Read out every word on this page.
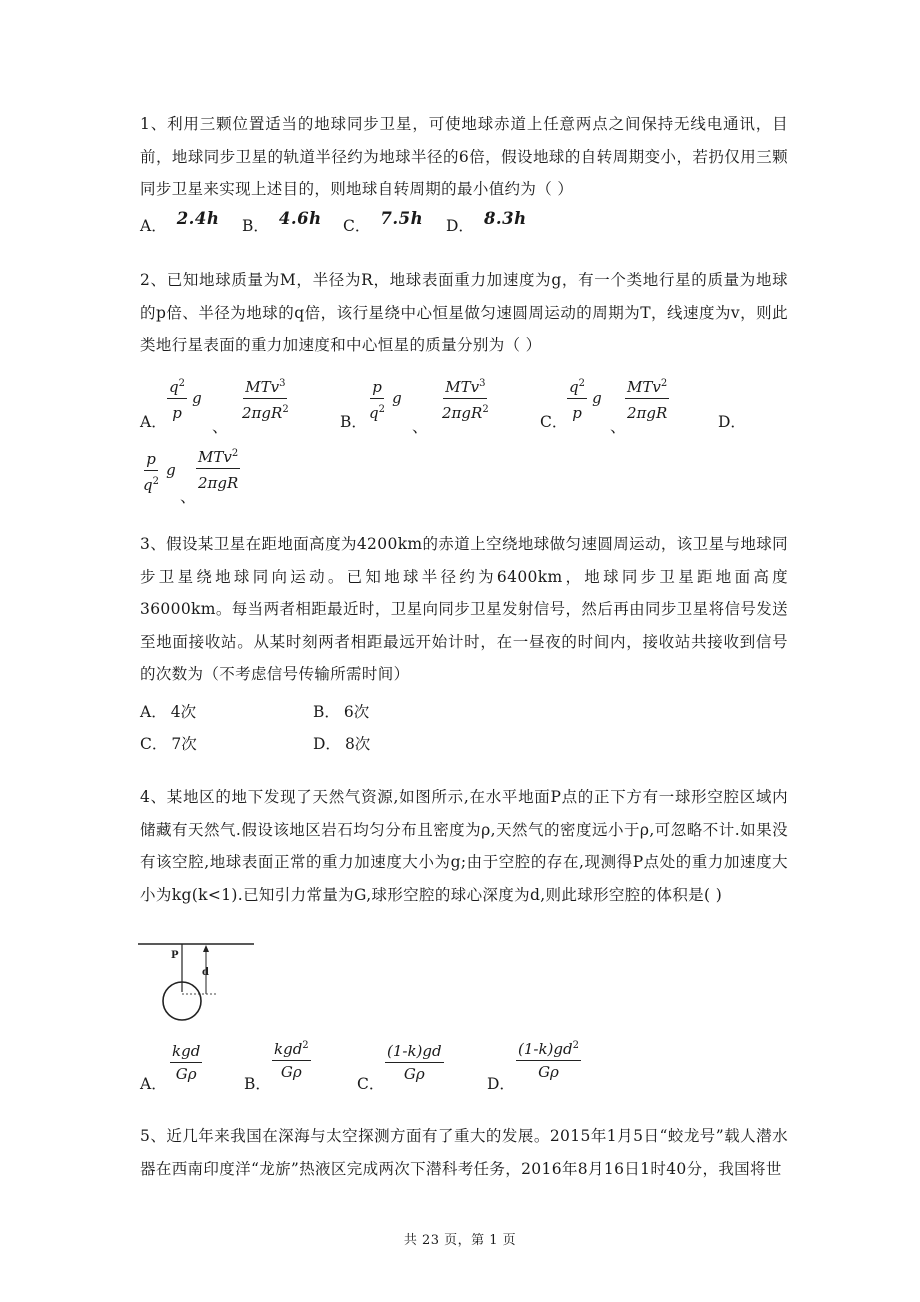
1、利用三颗位置适当的地球同步卫星，可使地球赤道上任意两点之间保持无线电通讯，目前，地球同步卫星的轨道半径约为地球半径的6倍，假设地球的自转周期变小，若扔仅用三颗同步卫星来实现上述目的，则地球自转周期的最小值约为（ ）

A． 2.4h B． 4.6h C． 7.5h D． 8.3h

2、已知地球质量为M，半径为R，地球表面重力加速度为g，有一个类地行星的质量为地球的p倍、半径为地球的q倍，该行星绕中心恒星做匀速圆周运动的周期为T，线速度为v，则此类地行星表面的重力加速度和中心恒星的质量分别为（ ）

A． $\frac{q^2}{p}$ g
、
$\frac{MTv^3}{2\pi gR^2}$	B． $\frac{p}{q^2}$ g
、
$\frac{MTv^3}{2\pi gR^2}$	C． $\frac{q^2}{p}$ g
、
$\frac{MTv^2}{\text{2πgR}}$	D．
$\frac{p}{q^2}$ g
、
$\frac{MTv^2}{\text{2πgR}}$

3、假设某卫星在距地面高度为4200km的赤道上空绕地球做匀速圆周运动，该卫星与地球同步卫星绕地球同向运动。已知地球半径约为6400km，地球同步卫星距地面高度36000km。每当两者相距最近时，卫星向同步卫星发射信号，然后再由同步卫星将信号发送至地面接收站。从某时刻两者相距最远开始计时，在一昼夜的时间内，接收站共接收到信号的次数为（不考虑信号传输所需时间）

A． 4次	B． 6次
C． 7次	D． 8次

4、某地区的地下发现了天然气资源,如图所示,在水平地面P点的正下方有一球形空腔区域内储藏有天然气.假设该地区岩石均匀分布且密度为ρ,天然气的密度远小于ρ,可忽略不计.如果没有该空腔,地球表面正常的重力加速度大小为g;由于空腔的存在,现测得P点处的重力加速度大小为kg(k<1).已知引力常量为G,球形空腔的球心深度为d,则此球形空腔的体积是( )

P
d
A． $\frac{\text{kgd}}{G\rho}$	B．
$\frac{kgd^2}{G\rho}$
C． $\frac{(1-k)gd}{G\rho}$	D．
$\frac{(1-k)gd^2}{G\rho}$

5、近几年来我国在深海与太空探测方面有了重大的发展。2015年1月5日“蛟龙号”载人潜水器在西南印度洋“龙旂”热液区完成两次下潜科考任务，2016年8月16日1时40分，我国将世

共 23 页，第 1 页
